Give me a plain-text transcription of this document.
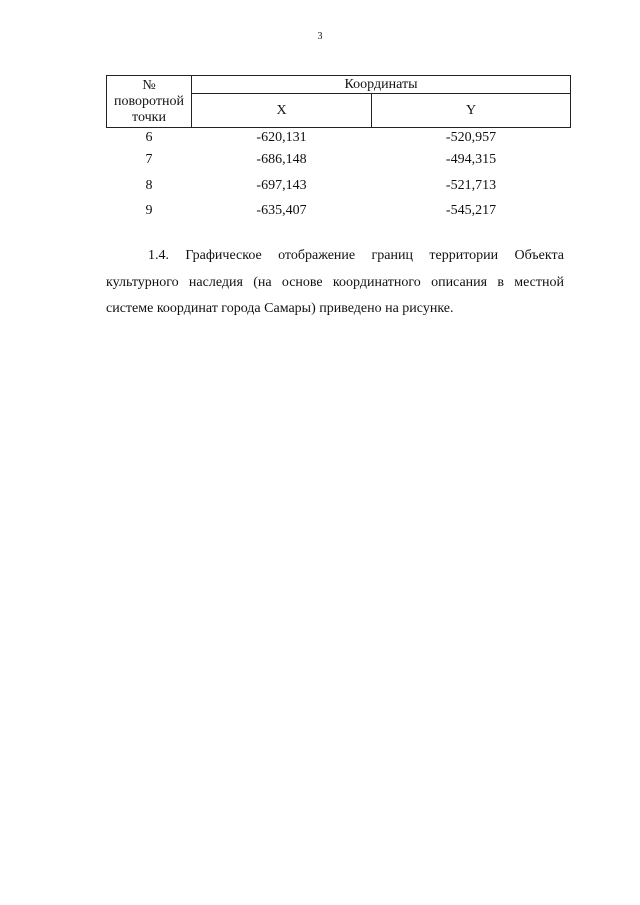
3
№ поворотной точки	Координаты	
	X	Y
6	-620,131	-520,957
7	-686,148	-494,315
8	-697,143	-521,713
9	-635,407	-545,217

1.4. Графическое отображение границ территории Объекта культурного наследия (на основе координатного описания в местной системе координат города Самары) приведено на рисунке.
